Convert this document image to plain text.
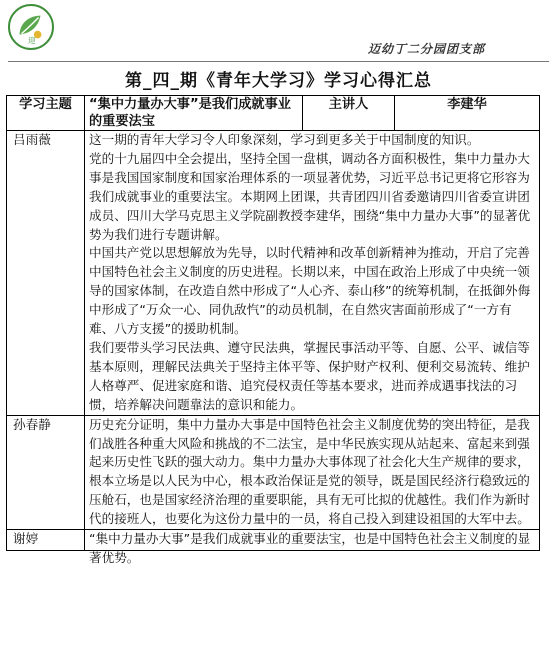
迎
迈幼丁二分园团支部
第_四_期《青年大学习》学习心得汇总
学习主题	“集中力量办大事”是我们成就事业的重要法宝	主讲人	李建华
吕雨薇	这一期的青年大学习令人印象深刻，学习到更多关于中国制度的知识。

党的十九届四中全会提出，坚持全国一盘棋，调动各方面积极性，集中力量办大事是我国国家制度和国家治理体系的一项显著优势，习近平总书记更将它形容为我们成就事业的重要法宝。本期网上团课，共青团四川省委邀请四川省委宣讲团成员、四川大学马克思主义学院副教授李建华，围绕“集中力量办大事”的显著优势为我们进行专题讲解。

中国共产党以思想解放为先导，以时代精神和改革创新精神为推动，开启了完善中国特色社会主义制度的历史进程。长期以来，中国在政治上形成了中央统一领导的国家体制，在改造自然中形成了“人心齐、泰山移”的统筹机制，在抵御外侮中形成了“万众一心、同仇敌忾”的动员机制，在自然灾害面前形成了“一方有难、八方支援”的援助机制。

我们要带头学习民法典、遵守民法典，掌握民事活动平等、自愿、公平、诚信等基本原则，理解民法典关于坚持主体平等、保护财产权利、便利交易流转、维护人格尊严、促进家庭和谐、追究侵权责任等基本要求，进而养成遇事找法的习惯，培养解决问题靠法的意识和能力。		

孙春静	历史充分证明，集中力量办大事是中国特色社会主义制度优势的突出特征，是我们战胜各种重大风险和挑战的不二法宝，是中华民族实现从站起来、富起来到强起来历史性飞跃的强大动力。集中力量办大事体现了社会化大生产规律的要求，根本立场是以人民为中心，根本政治保证是党的领导，既是国民经济行稳致远的压舱石，也是国家经济治理的重要职能，具有无可比拟的优越性。我们作为新时代的接班人，也要化为这份力量中的一员，将自己投入到建设祖国的大军中去。		

谢婷	“集中力量办大事”是我们成就事业的重要法宝，也是中国特色社会主义制度的显著优势。		
